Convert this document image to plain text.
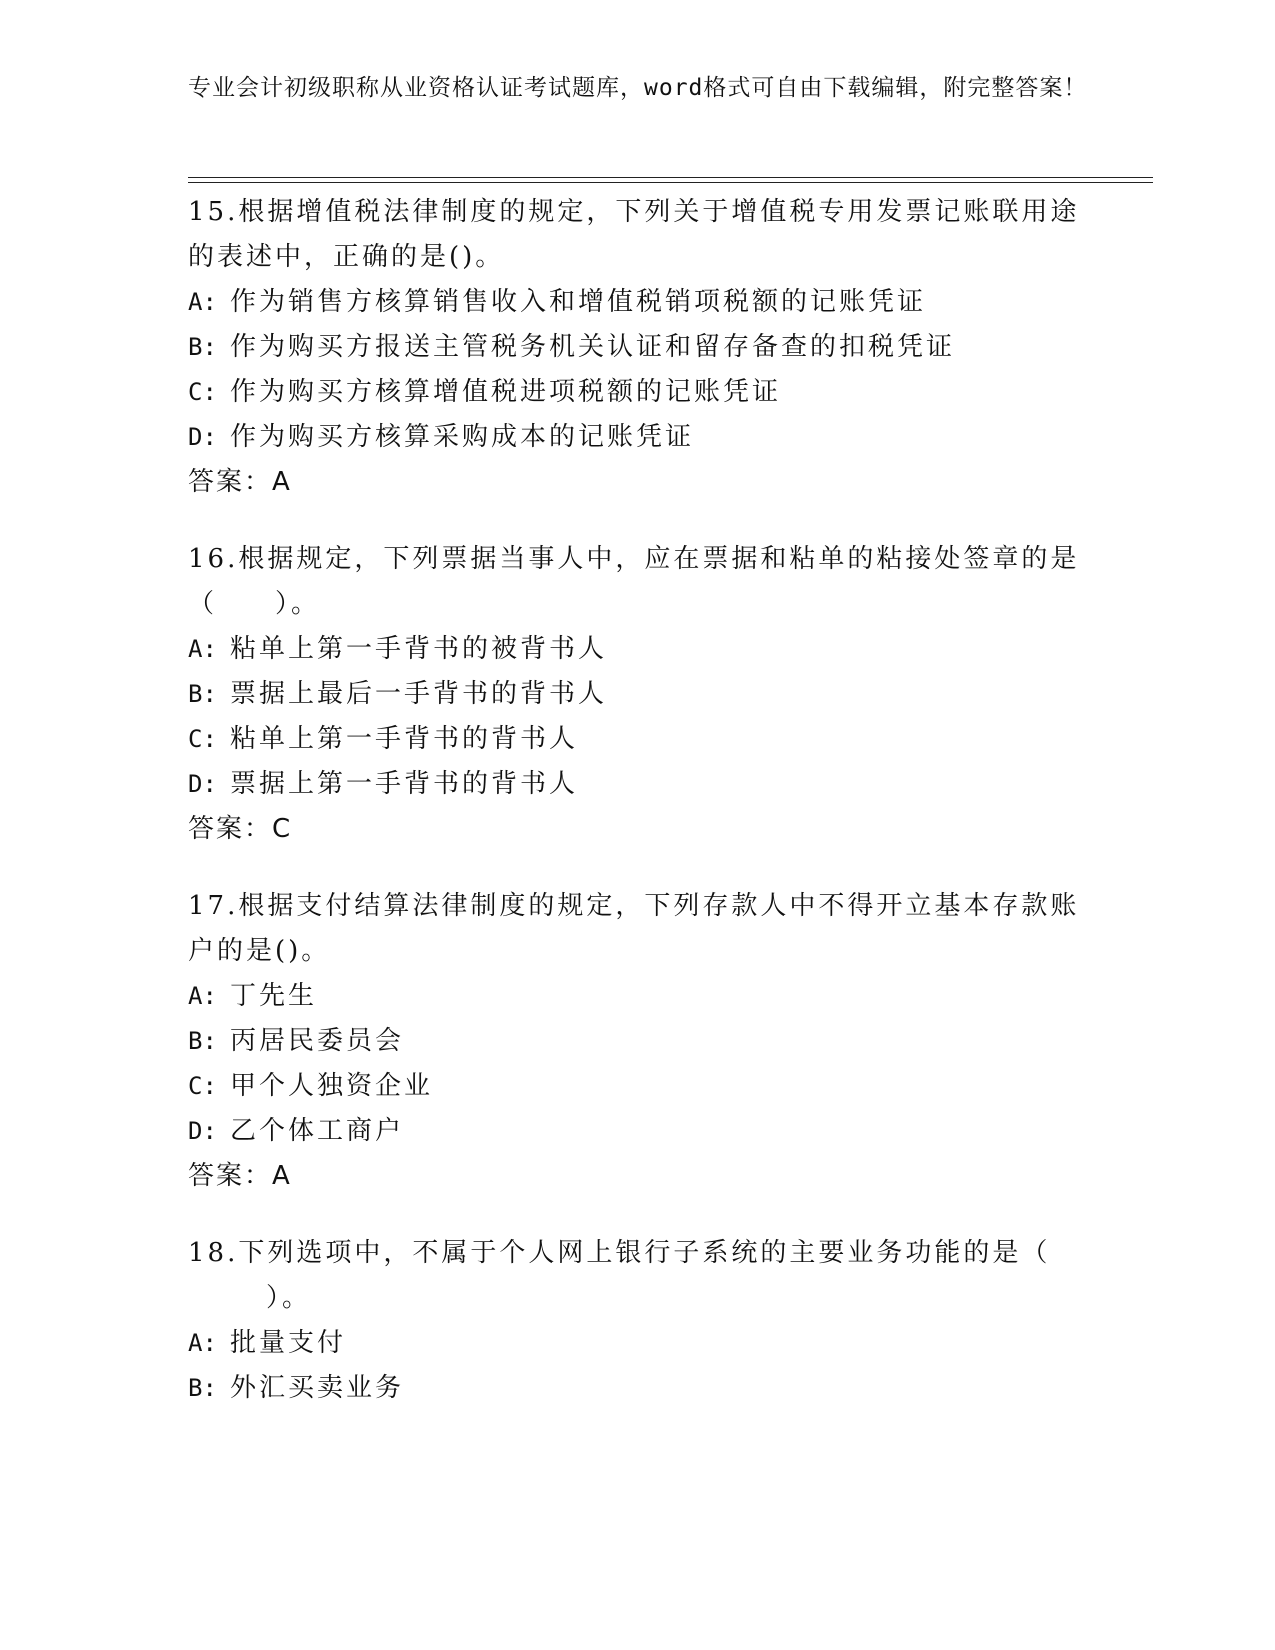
专业会计初级职称从业资格认证考试题库，word格式可自由下载编辑，附完整答案！

15.根据增值税法律制度的规定，下列关于增值税专用发票记账联用途

的表述中，正确的是()。

A: 作为销售方核算销售收入和增值税销项税额的记账凭证

B: 作为购买方报送主管税务机关认证和留存备查的扣税凭证

C: 作为购买方核算增值税进项税额的记账凭证

D: 作为购买方核算采购成本的记账凭证

答案：A

16.根据规定，下列票据当事人中，应在票据和粘单的粘接处签章的是

（　　）。

A: 粘单上第一手背书的被背书人

B: 票据上最后一手背书的背书人

C: 粘单上第一手背书的背书人

D: 票据上第一手背书的背书人

答案：C

17.根据支付结算法律制度的规定，下列存款人中不得开立基本存款账

户的是()。

A: 丁先生

B: 丙居民委员会

C: 甲个人独资企业

D: 乙个体工商户

答案：A

18.下列选项中，不属于个人网上银行子系统的主要业务功能的是（

）。

A: 批量支付

B: 外汇买卖业务
